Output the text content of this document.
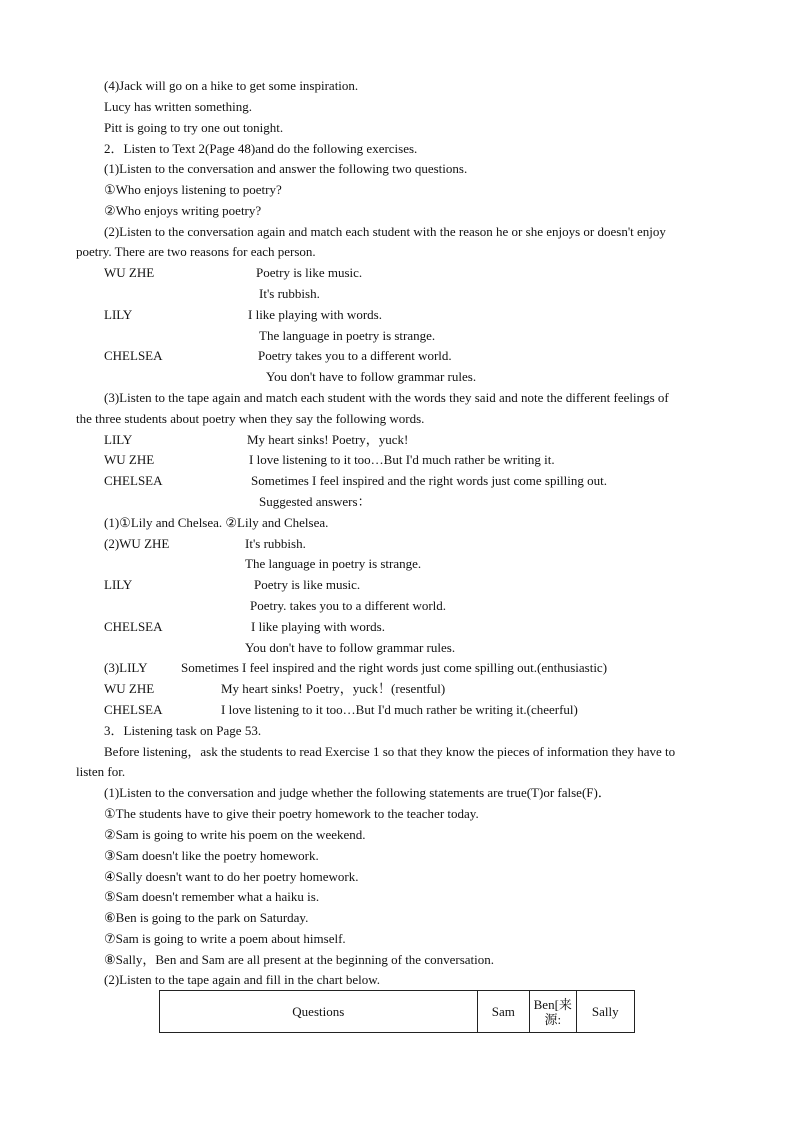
(4)Jack will go on a hike to get some inspiration.
Lucy has written something.
Pitt is going to try one out tonight.
2．Listen to Text 2(Page 48)and do the following exercises.
(1)Listen to the conversation and answer the following two questions.
①Who enjoys listening to poetry?
②Who enjoys writing poetry?
(2)Listen to the conversation again and match each student with the reason he or she enjoys or doesn't enjoy
poetry. There are two reasons for each person.
WU ZHE	Poetry is like music.
It's rubbish.
LILY	I like playing with words.
The language in poetry is strange.
CHELSEA	Poetry takes you to a different world.
You don't have to follow grammar rules.
(3)Listen to the tape again and match each student with the words they said and note the different feelings of
the three students about poetry when they say the following words.
LILY	My heart sinks! Poetry，yuck!
WU ZHE	I love listening to it too…But I'd much rather be writing it.
CHELSEA	Sometimes I feel inspired and the right words just come spilling out.
Suggested answers：
(1)①Lily and Chelsea. ②Lily and Chelsea.
(2)WU ZHE	It's rubbish.
The language in poetry is strange.
LILY	Poetry is like music.
Poetry. takes you to a different world.
CHELSEA	I like playing with words.
You don't have to follow grammar rules.
(3)LILY	Sometimes I feel inspired and the right words just come spilling out.(enthusiastic)
WU ZHE	My heart sinks! Poetry，yuck！(resentful)
CHELSEA	I love listening to it too…But I'd much rather be writing it.(cheerful)
3．Listening task on Page 53.
Before listening，ask the students to read Exercise 1 so that they know the pieces of information they have to
listen for.
(1)Listen to the conversation and judge whether the following statements are true(T)or false(F)．
①The students have to give their poetry homework to the teacher today.
②Sam is going to write his poem on the weekend.
③Sam doesn't like the poetry homework.
④Sally doesn't want to do her poetry homework.
⑤Sam doesn't remember what a haiku is.
⑥Ben is going to the park on Saturday.
⑦Sam is going to write a poem about himself.
⑧Sally，Ben and Sam are all present at the beginning of the conversation.
(2)Listen to the tape again and fill in the chart below.
Questions	Sam	Ben[来源:	Sally
